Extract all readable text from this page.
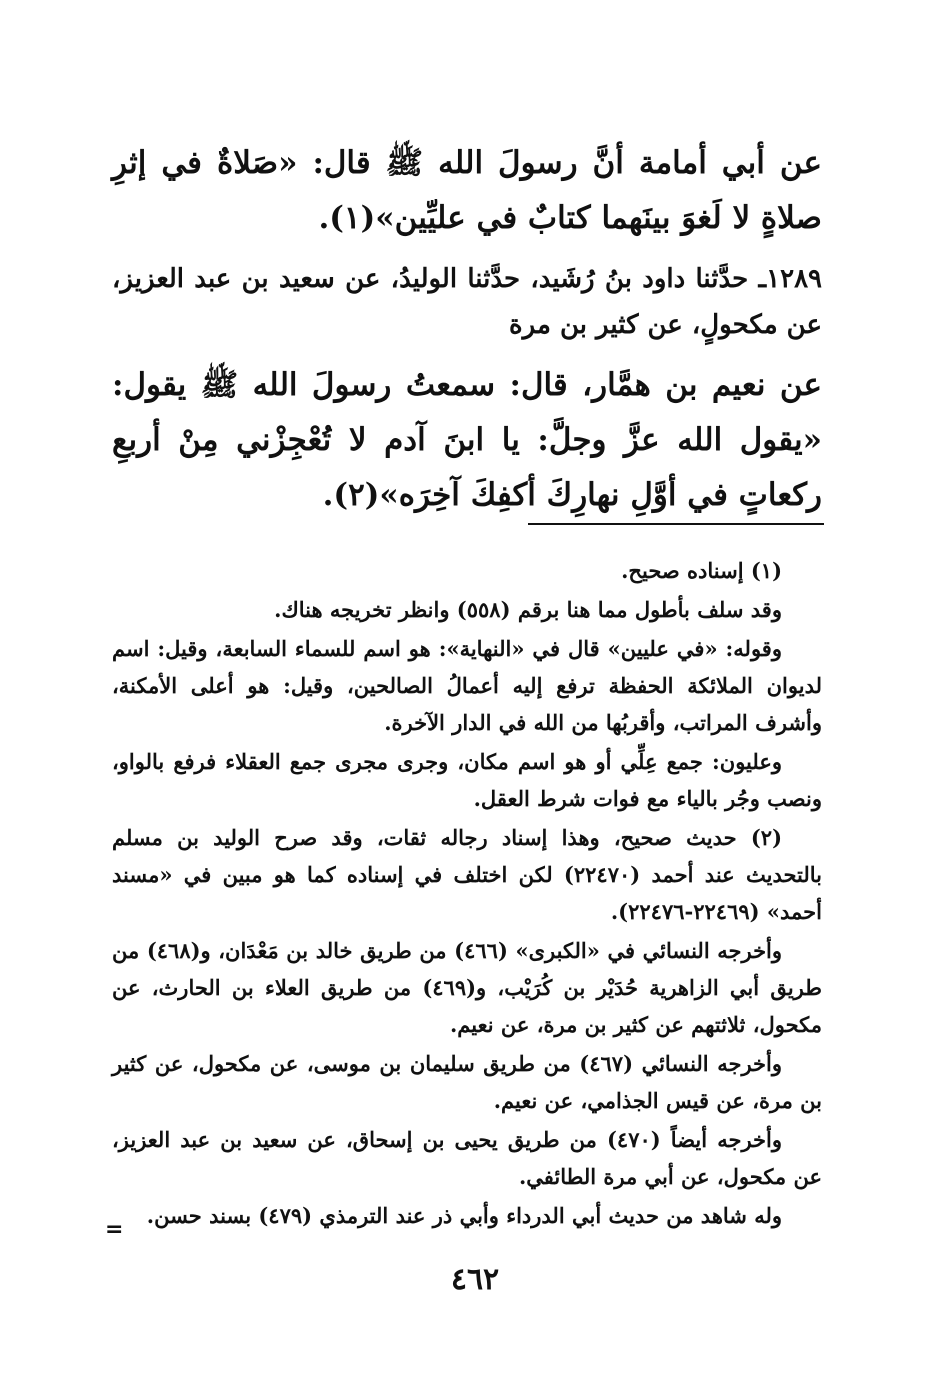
عن أبي أمامة أنَّ رسولَ الله ﷺ قال: «صَلاةٌ في إثرِ صلاةٍ لا لَغوَ بينَهما كتابٌ في عليِّين»(١).

١٢٨٩ـ حدَّثنا داود بنُ رُشَيد، حدَّثنا الوليدُ، عن سعيد بن عبد العزيز، عن مكحولٍ، عن كثير بن مرة

عن نعيم بن همَّار، قال: سمعتُ رسولَ الله ﷺ يقول: «يقول الله عزَّ وجلَّ: يا ابنَ آدم لا تُعْجِزْني مِنْ أربعِ ركعاتٍ في أوَّلِ نهارِكَ أكفِكَ آخِرَه»(٢).

(١) إسناده صحيح.

وقد سلف بأطول مما هنا برقم (٥٥٨) وانظر تخريجه هناك.

وقوله: «في عليين» قال في «النهاية»: هو اسم للسماء السابعة، وقيل: اسم لديوان الملائكة الحفظة ترفع إليه أعمالُ الصالحين، وقيل: هو أعلى الأمكنة، وأشرف المراتب، وأقربُها من الله في الدار الآخرة.

وعليون: جمع عِلِّي أو هو اسم مكان، وجرى مجرى جمع العقلاء فرفع بالواو، ونصب وجُر بالياء مع فوات شرط العقل.

(٢) حديث صحيح، وهذا إسناد رجاله ثقات، وقد صرح الوليد بن مسلم بالتحديث عند أحمد (٢٢٤٧٠) لكن اختلف في إسناده كما هو مبين في «مسند أحمد» (٢٢٤٦٩-٢٢٤٧٦).

وأخرجه النسائي في «الكبرى» (٤٦٦) من طريق خالد بن مَعْدَان، و(٤٦٨) من طريق أبي الزاهرية حُدَيْر بن كُرَيْب، و(٤٦٩) من طريق العلاء بن الحارث، عن مكحول، ثلاثتهم عن كثير بن مرة، عن نعيم.

وأخرجه النسائي (٤٦٧) من طريق سليمان بن موسى، عن مكحول، عن كثير بن مرة، عن قيس الجذامي، عن نعيم.

وأخرجه أيضاً (٤٧٠) من طريق يحيى بن إسحاق، عن سعيد بن عبد العزيز، عن مكحول، عن أبي مرة الطائفي.

وله شاهد من حديث أبي الدرداء وأبي ذر عند الترمذي (٤٧٩) بسند حسن.

=
٤٦٢
